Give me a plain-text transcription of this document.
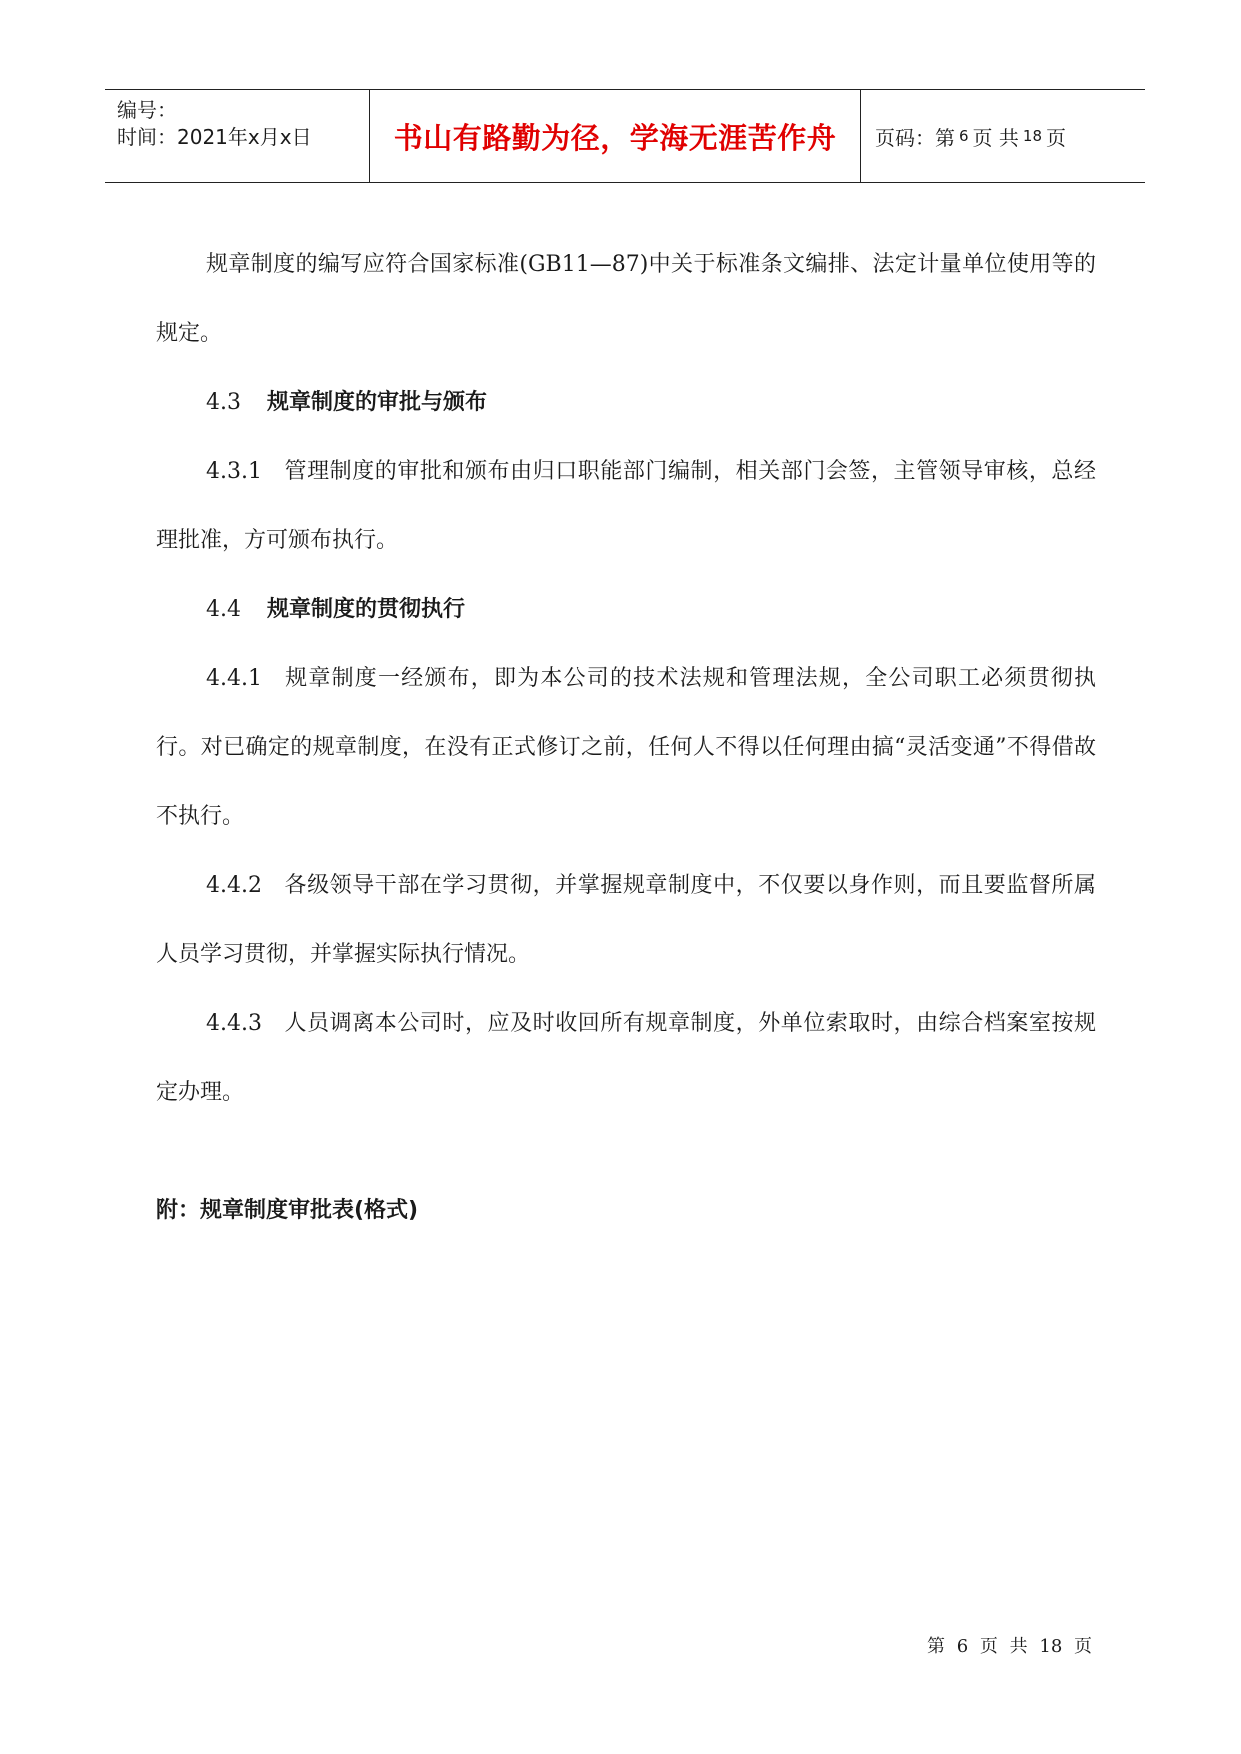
编号：
时间：2021年x月x日	书山有路勤为径，学海无涯苦作舟 页码：第 6 页 共 18 页

规章制度的编写应符合国家标准(GB11—87)中关于标准条文编排、法定计量单位使用等的规定。

4.3 规章制度的审批与颁布

4.3.1 管理制度的审批和颁布由归口职能部门编制，相关部门会签，主管领导审核，总经理批准，方可颁布执行。

4.4 规章制度的贯彻执行

4.4.1 规章制度一经颁布，即为本公司的技术法规和管理法规，全公司职工必须贯彻执行。对已确定的规章制度，在没有正式修订之前，任何人不得以任何理由搞“灵活变通”不得借故不执行。

4.4.2 各级领导干部在学习贯彻，并掌握规章制度中，不仅要以身作则，而且要监督所属人员学习贯彻，并掌握实际执行情况。

4.4.3 人员调离本公司时，应及时收回所有规章制度，外单位索取时，由综合档案室按规定办理。

附：规章制度审批表(格式)

第 6 页 共 18 页
